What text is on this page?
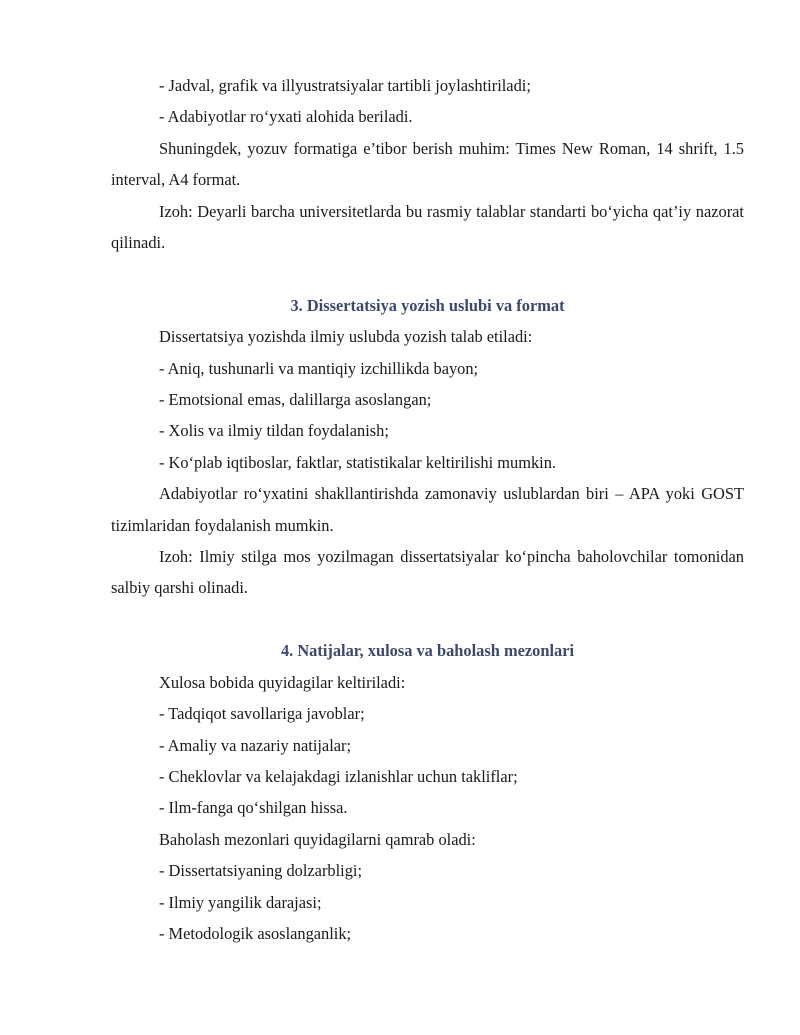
- Jadval, grafik va illyustratsiyalar tartibli joylashtiriladi;

- Adabiyotlar ro‘yxati alohida beriladi.

Shuningdek, yozuv formatiga e’tibor berish muhim: Times New Roman, 14 shrift, 1.5 interval, A4 format.

Izoh: Deyarli barcha universitetlarda bu rasmiy talablar standarti bo‘yicha qat’iy nazorat qilinadi.

3. Dissertatsiya yozish uslubi va format

Dissertatsiya yozishda ilmiy uslubda yozish talab etiladi:

- Aniq, tushunarli va mantiqiy izchillikda bayon;

- Emotsional emas, dalillarga asoslangan;

- Xolis va ilmiy tildan foydalanish;

- Ko‘plab iqtiboslar, faktlar, statistikalar keltirilishi mumkin.

Adabiyotlar ro‘yxatini shakllantirishda zamonaviy uslublardan biri – APA yoki GOST tizimlaridan foydalanish mumkin.

Izoh: Ilmiy stilga mos yozilmagan dissertatsiyalar ko‘pincha baholovchilar tomonidan salbiy qarshi olinadi.

4. Natijalar, xulosa va baholash mezonlari

Xulosa bobida quyidagilar keltiriladi:

- Tadqiqot savollariga javoblar;

- Amaliy va nazariy natijalar;

- Cheklovlar va kelajakdagi izlanishlar uchun takliflar;

- Ilm-fanga qo‘shilgan hissa.

Baholash mezonlari quyidagilarni qamrab oladi:

- Dissertatsiyaning dolzarbligi;

- Ilmiy yangilik darajasi;

- Metodologik asoslanganlik;
